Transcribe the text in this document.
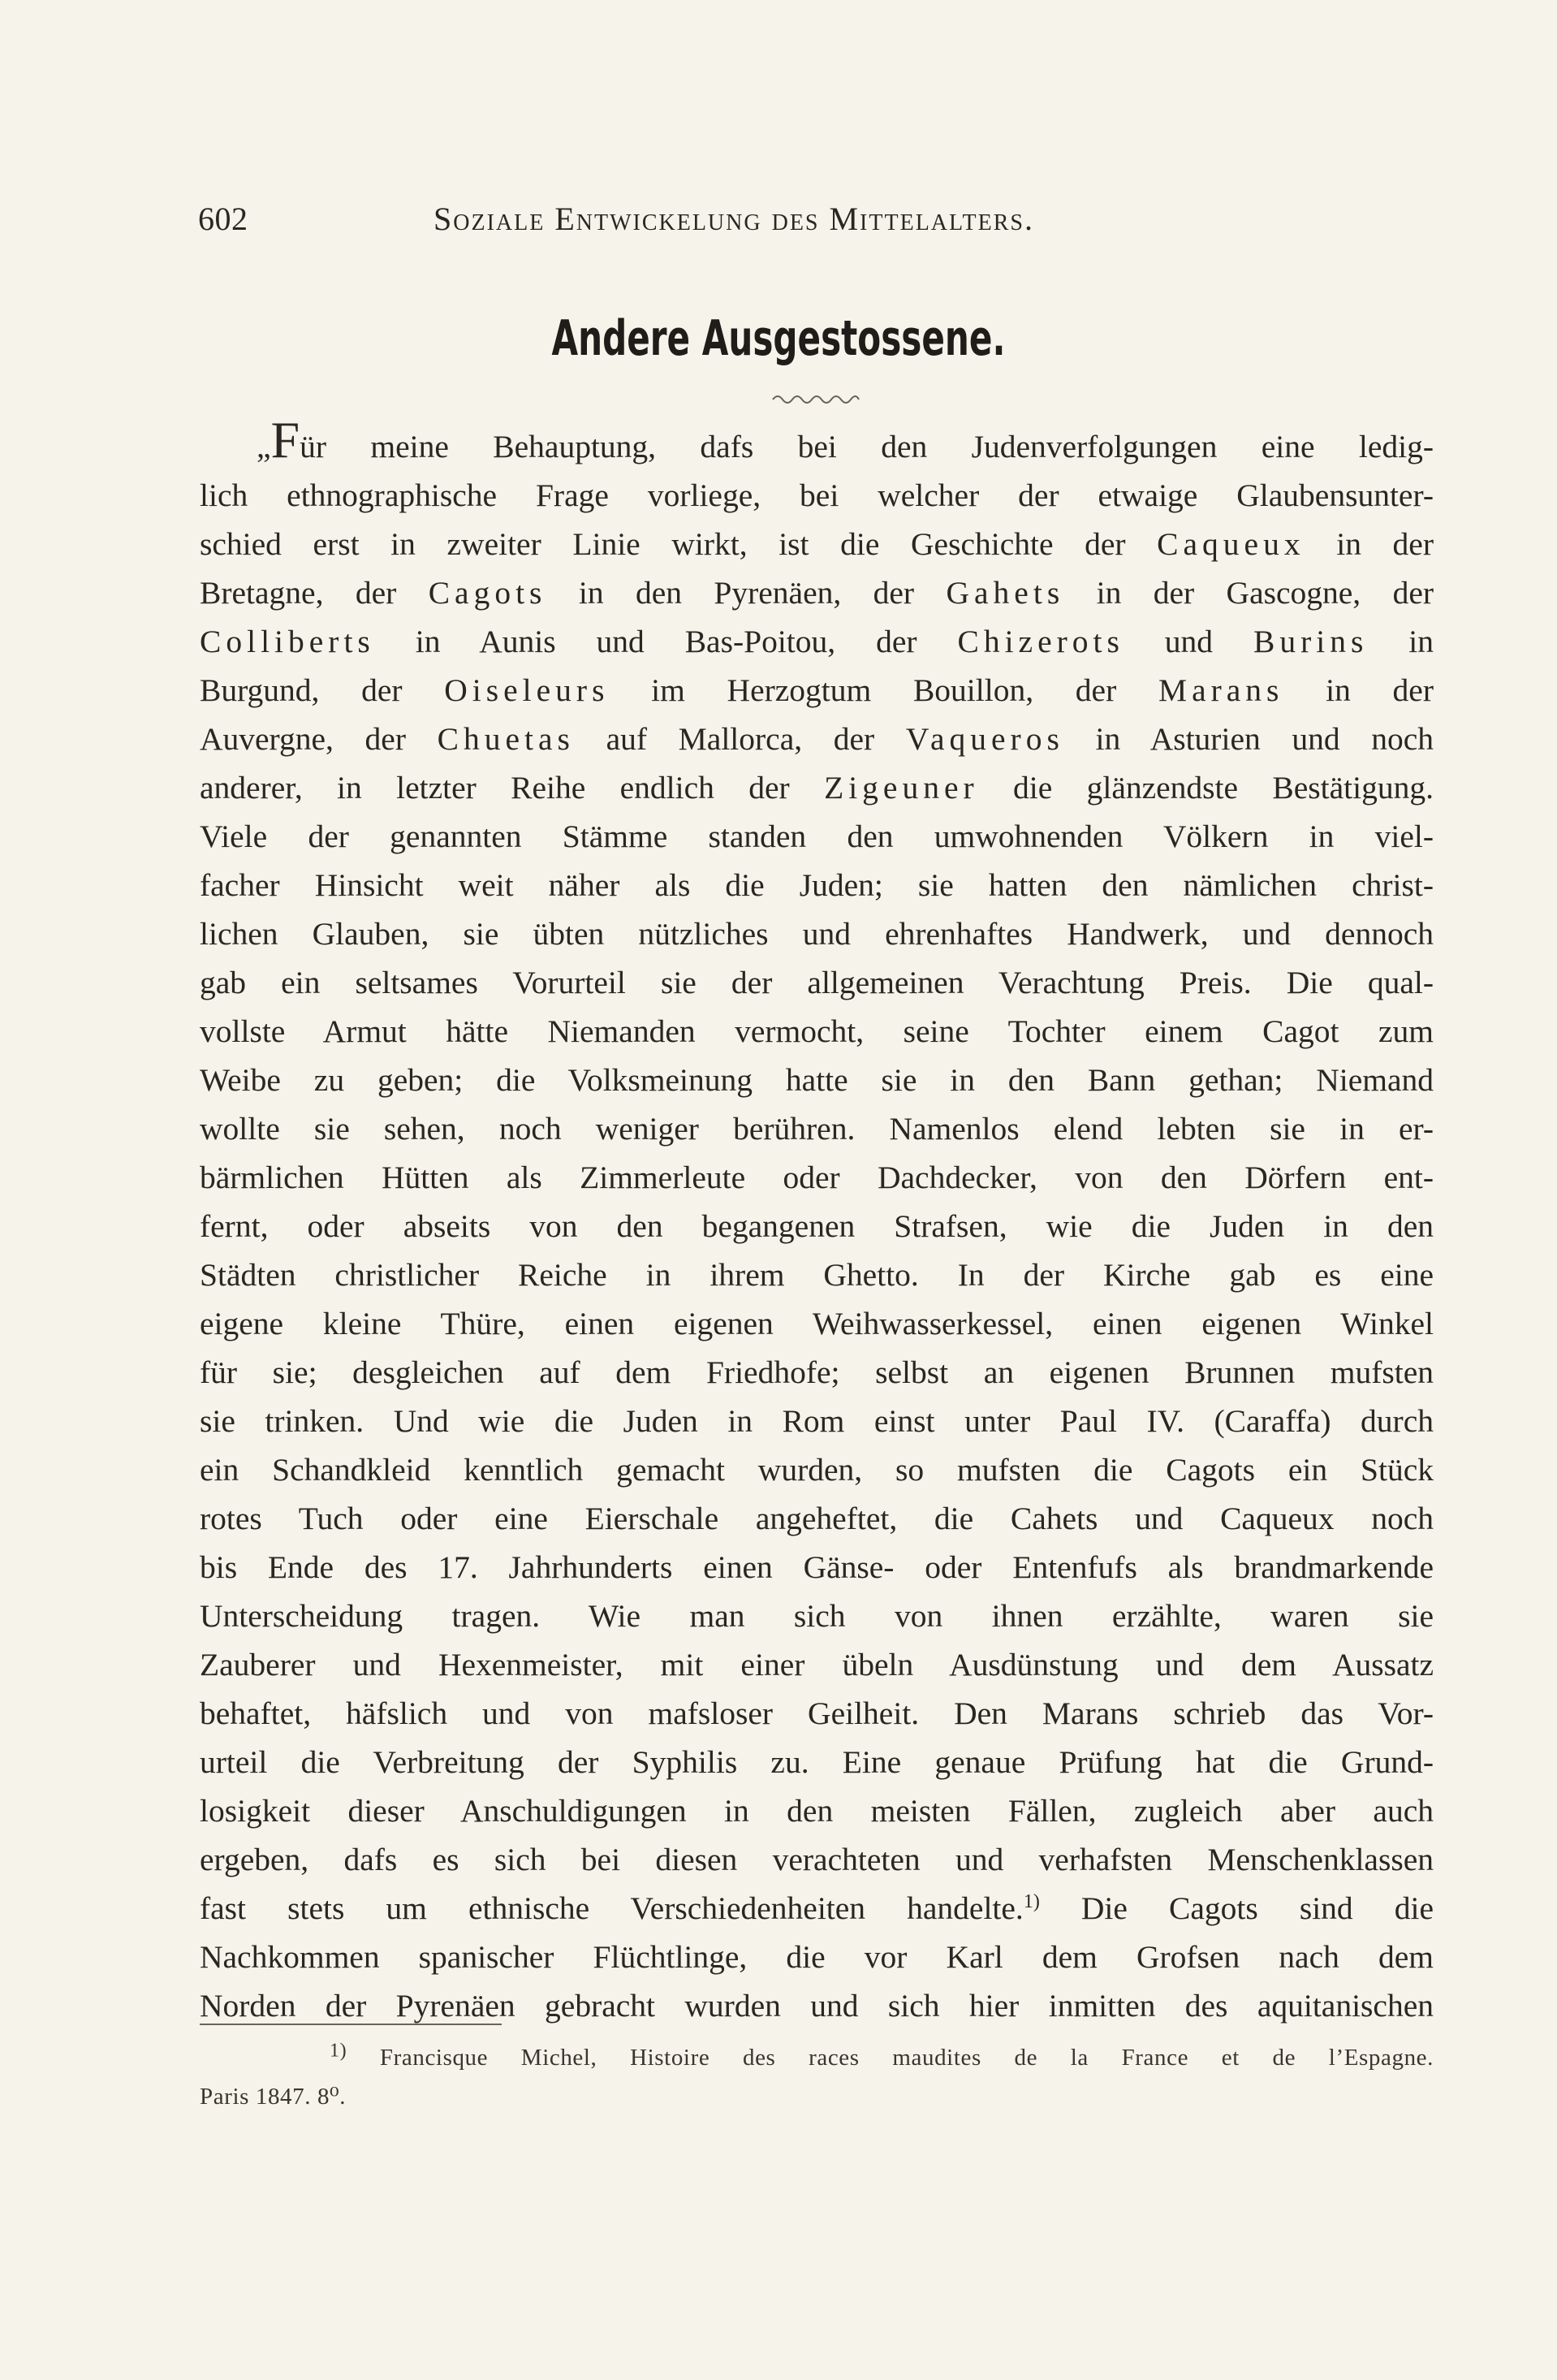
602	Soziale Entwickelung des Mittelalters.
Andere Ausgestossene.
„Für meine Behauptung, dafs bei den Judenverfolgungen eine ledig-
lich ethnographische Frage vorliege, bei welcher der etwaige Glaubensunter-
schied erst in zweiter Linie wirkt, ist die Geschichte der Caqueux in der
Bretagne, der Cagots in den Pyrenäen, der Gahets in der Gascogne, der
Colliberts in Aunis und Bas-Poitou, der Chizerots und Burins in
Burgund, der Oiseleurs im Herzogtum Bouillon, der Marans in der
Auvergne, der Chuetas auf Mallorca, der Vaqueros in Asturien und noch
anderer, in letzter Reihe endlich der Zigeuner die glänzendste Bestätigung.
Viele der genannten Stämme standen den umwohnenden Völkern in viel-
facher Hinsicht weit näher als die Juden; sie hatten den nämlichen christ-
lichen Glauben, sie übten nützliches und ehrenhaftes Handwerk, und dennoch
gab ein seltsames Vorurteil sie der allgemeinen Verachtung Preis. Die qual-
vollste Armut hätte Niemanden vermocht, seine Tochter einem Cagot zum
Weibe zu geben; die Volksmeinung hatte sie in den Bann gethan; Niemand
wollte sie sehen, noch weniger berühren. Namenlos elend lebten sie in er-
bärmlichen Hütten als Zimmerleute oder Dachdecker, von den Dörfern ent-
fernt, oder abseits von den begangenen Strafsen, wie die Juden in den
Städten christlicher Reiche in ihrem Ghetto. In der Kirche gab es eine
eigene kleine Thüre, einen eigenen Weihwasserkessel, einen eigenen Winkel
für sie; desgleichen auf dem Friedhofe; selbst an eigenen Brunnen mufsten
sie trinken. Und wie die Juden in Rom einst unter Paul IV. (Caraffa) durch
ein Schandkleid kenntlich gemacht wurden, so mufsten die Cagots ein Stück
rotes Tuch oder eine Eierschale angeheftet, die Cahets und Caqueux noch
bis Ende des 17. Jahrhunderts einen Gänse- oder Entenfufs als brandmarkende
Unterscheidung tragen. Wie man sich von ihnen erzählte, waren sie
Zauberer und Hexenmeister, mit einer übeln Ausdünstung und dem Aussatz
behaftet, häfslich und von mafsloser Geilheit. Den Marans schrieb das Vor-
urteil die Verbreitung der Syphilis zu. Eine genaue Prüfung hat die Grund-
losigkeit dieser Anschuldigungen in den meisten Fällen, zugleich aber auch
ergeben, dafs es sich bei diesen verachteten und verhafsten Menschenklassen
fast stets um ethnische Verschiedenheiten handelte.$^{1)}$ Die Cagots sind die
Nachkommen spanischer Flüchtlinge, die vor Karl dem Grofsen nach dem
Norden der Pyrenäen gebracht wurden und sich hier inmitten des aquitanischen
$^{1)}$ Francisque Michel, Histoire des races maudites de la France et de l’Espagne.
Paris 1847. 8⁰.
